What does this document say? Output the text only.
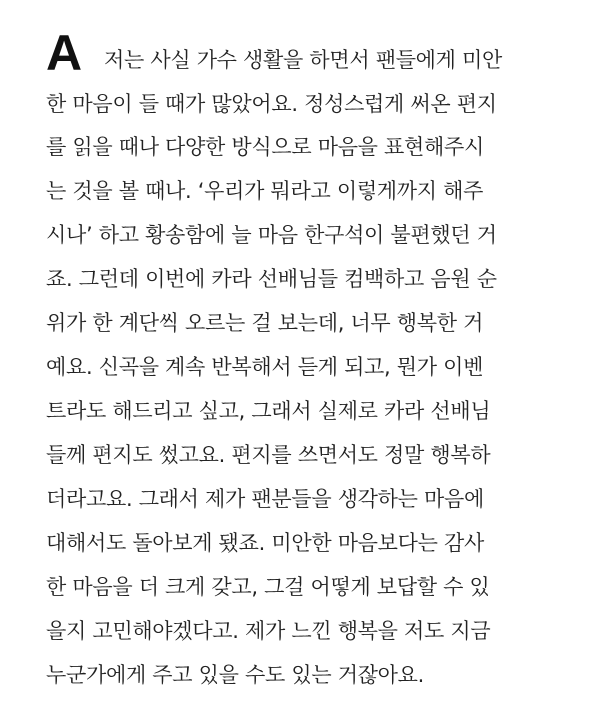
A 저는 사실 가수 생활을 하면서 팬들에게 미안
한 마음이 들 때가 많았어요. 정성스럽게 써온 편지
를 읽을 때나 다양한 방식으로 마음을 표현해주시
는 것을 볼 때나. ‘우리가 뭐라고 이렇게까지 해주
시나’ 하고 황송함에 늘 마음 한구석이 불편했던 거
죠. 그런데 이번에 카라 선배님들 컴백하고 음원 순
위가 한 계단씩 오르는 걸 보는데, 너무 행복한 거
예요. 신곡을 계속 반복해서 듣게 되고, 뭔가 이벤
트라도 해드리고 싶고, 그래서 실제로 카라 선배님
들께 편지도 썼고요. 편지를 쓰면서도 정말 행복하
더라고요. 그래서 제가 팬분들을 생각하는 마음에
대해서도 돌아보게 됐죠. 미안한 마음보다는 감사
한 마음을 더 크게 갖고, 그걸 어떻게 보답할 수 있
을지 고민해야겠다고. 제가 느낀 행복을 저도 지금
누군가에게 주고 있을 수도 있는 거잖아요.
